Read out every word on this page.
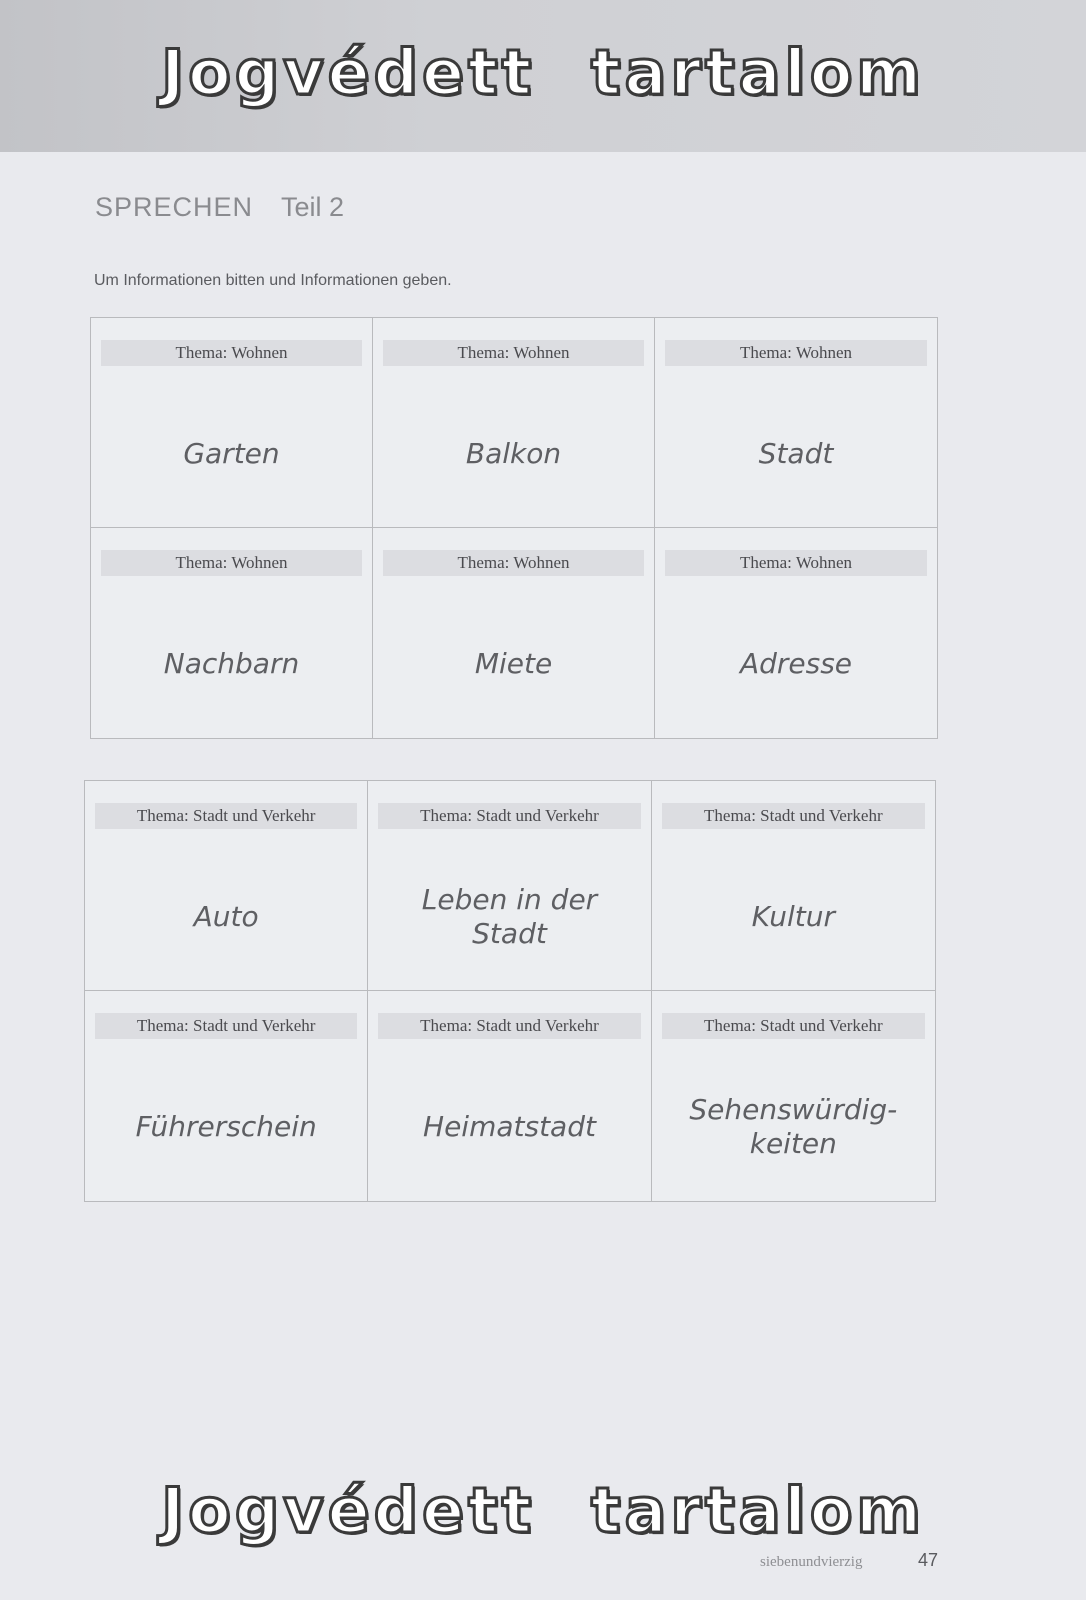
Jogvédett tartalom
SPRECHEN Teil 2
Um Informationen bitten und Informationen geben.
Thema: Wohnen
Garten
Thema: Wohnen
Balkon
Thema: Wohnen
Stadt
Thema: Wohnen
Nachbarn
Thema: Wohnen
Miete
Thema: Wohnen
Adresse
Thema: Stadt und Verkehr
Auto
Thema: Stadt und Verkehr
Leben in der Stadt
Thema: Stadt und Verkehr
Kultur
Thema: Stadt und Verkehr
Führerschein
Thema: Stadt und Verkehr
Heimatstadt
Thema: Stadt und Verkehr
Sehenswürdig-keiten
Jogvédett tartalom
siebenundvierzig	47
